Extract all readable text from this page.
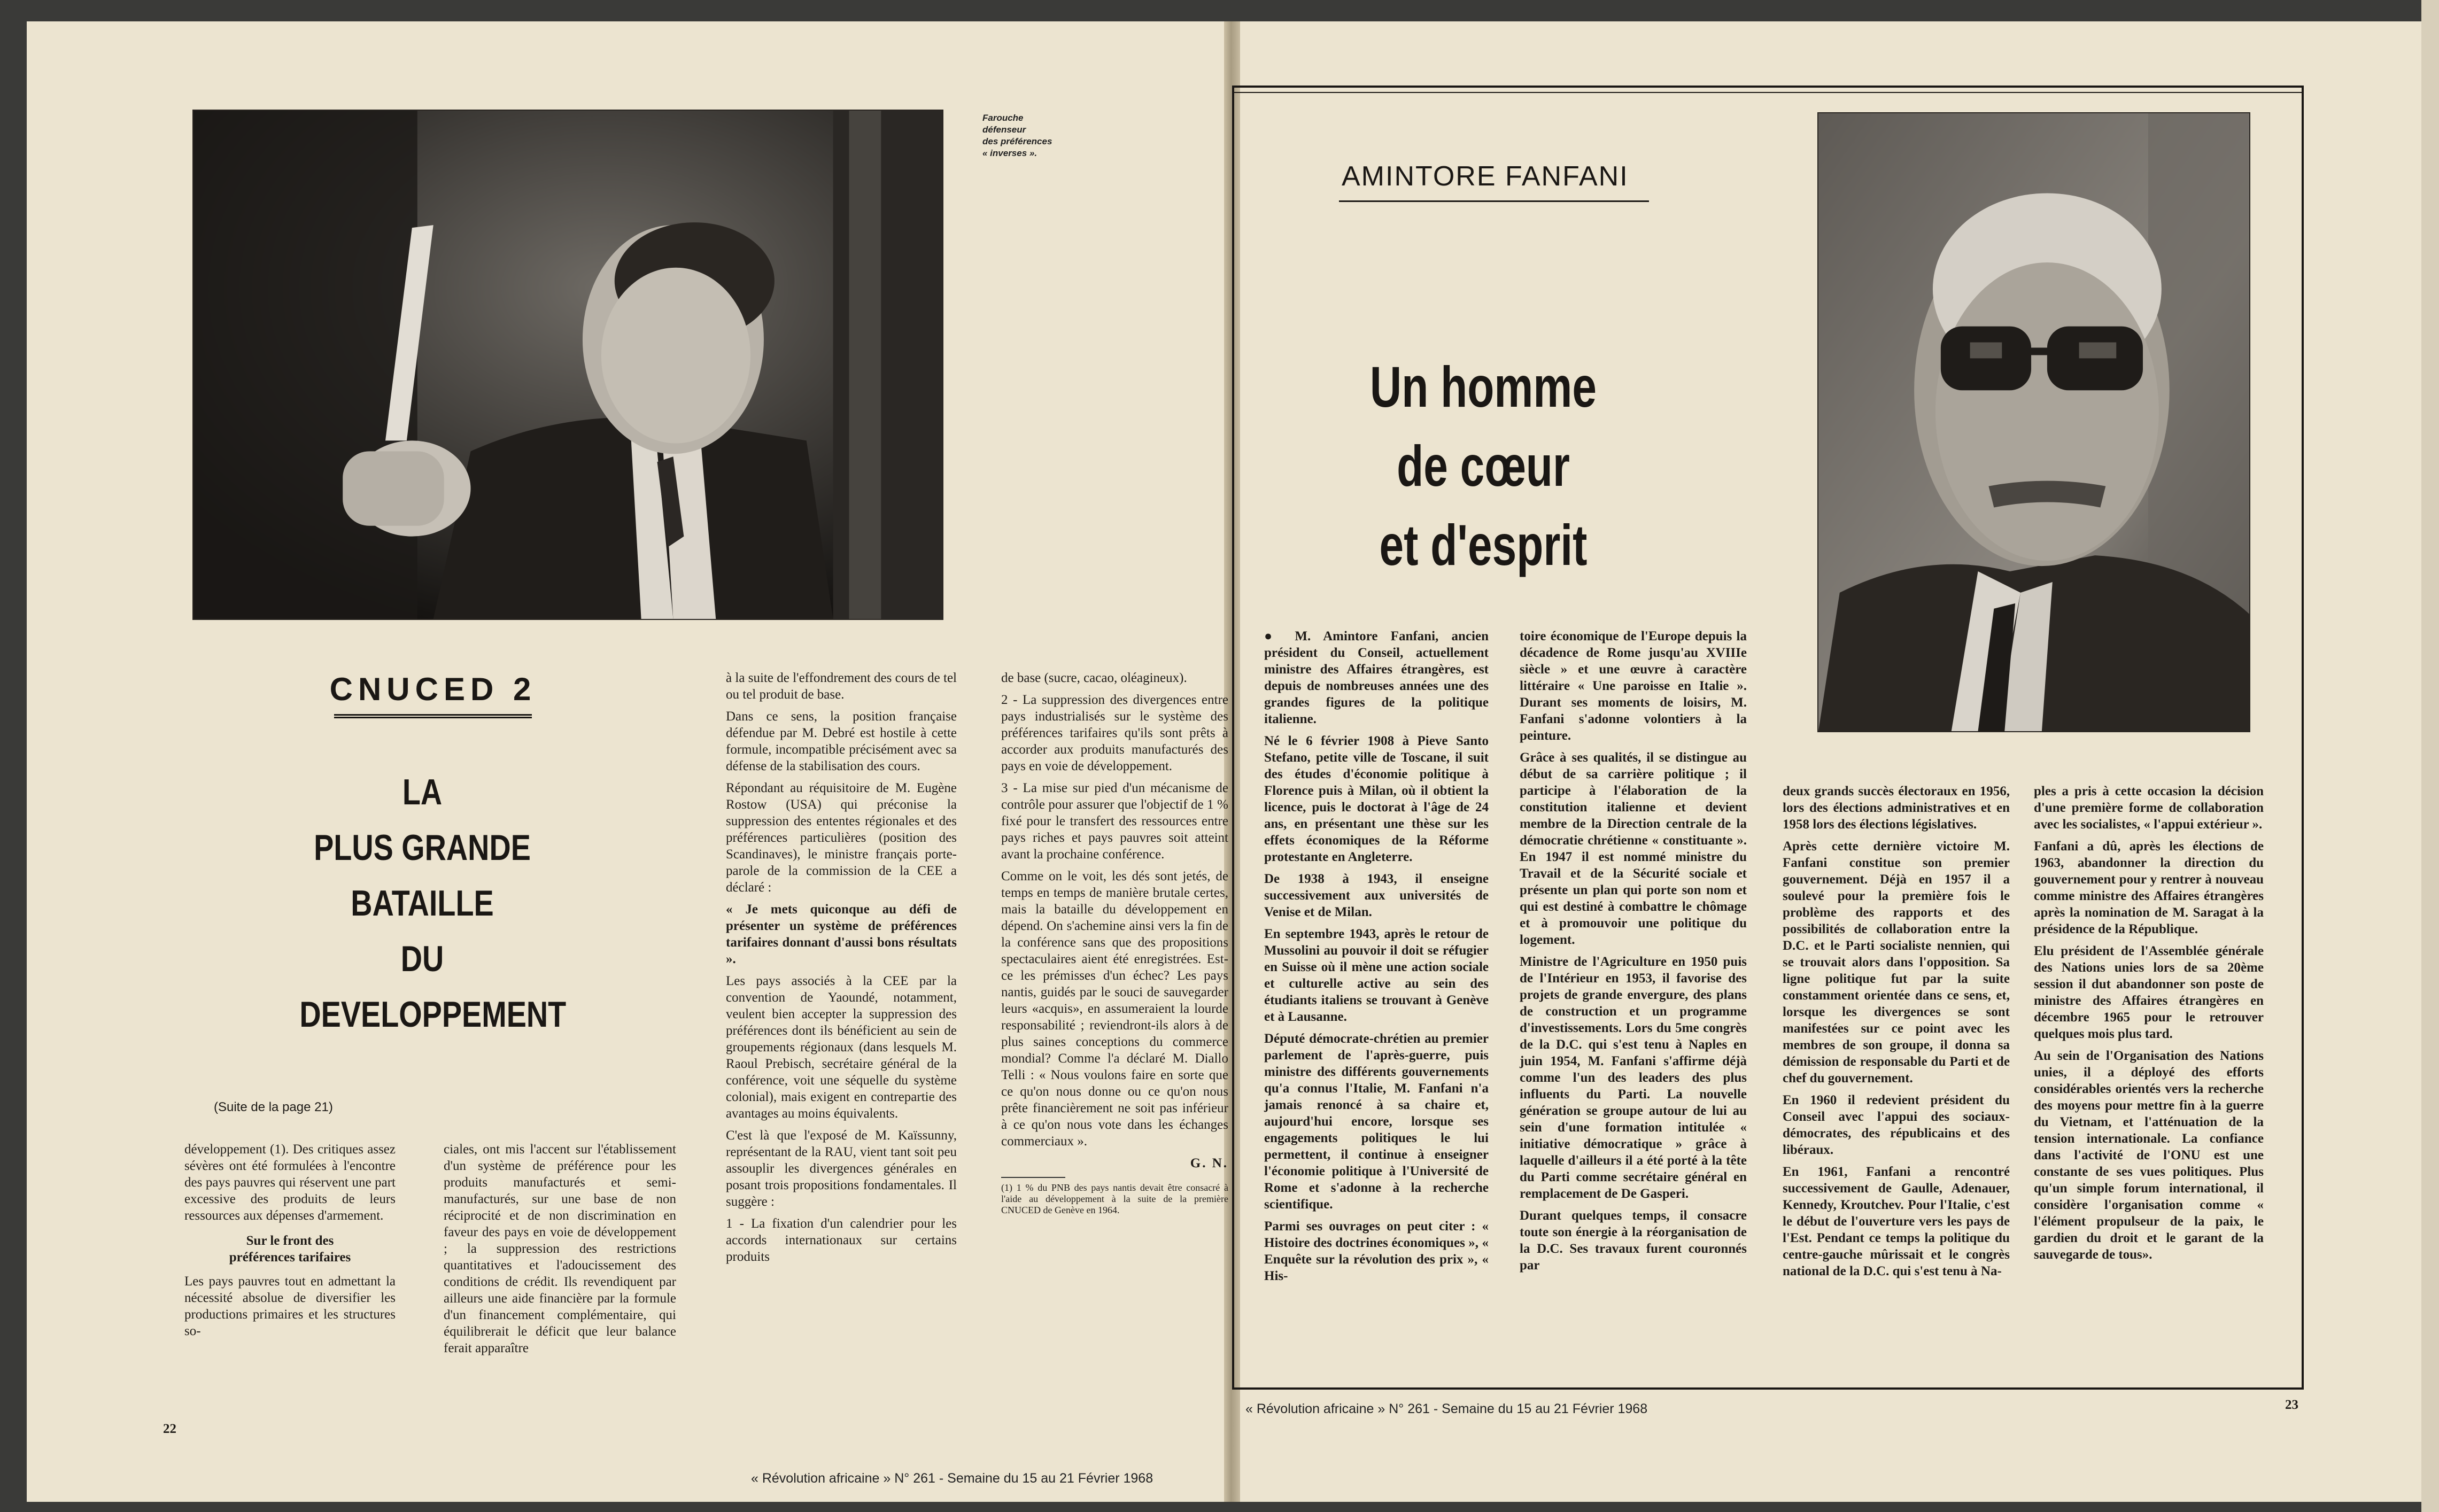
Farouche
défenseur
des préférences
« inverses ».
CNUCED 2
LA
PLUS GRANDE
BATAILLE
DU
DEVELOPPEMENT
(Suite de la page 21)

développement (1). Des critiques assez sévères ont été formulées à l'encontre des pays pauvres qui réservent une part excessive des produits de leurs ressources aux dépenses d'armement.

Sur le front des
préférences tarifaires

Les pays pauvres tout en admettant la nécessité absolue de diversifier les productions primaires et les structures so-

ciales, ont mis l'accent sur l'établissement d'un système de préférence pour les produits manufacturés et semi-manufacturés, sur une base de non réciprocité et de non discrimination en faveur des pays en voie de développement ; la suppression des restrictions quantitatives et l'adoucissement des conditions de crédit. Ils revendiquent par ailleurs une aide financière par la formule d'un financement complémentaire, qui équilibrerait le déficit que leur balance ferait apparaître

à la suite de l'effondrement des cours de tel ou tel produit de base.

Dans ce sens, la position française défendue par M. Debré est hostile à cette formule, incompatible précisément avec sa défense de la stabilisation des cours.

Répondant au réquisitoire de M. Eugène Rostow (USA) qui préconise la suppression des ententes régionales et des préférences particulières (position des Scandinaves), le ministre français porte-parole de la commission de la CEE a déclaré :

« Je mets quiconque au défi de présenter un système de préférences tarifaires donnant d'aussi bons résultats ».

Les pays associés à la CEE par la convention de Yaoundé, notamment, veulent bien accepter la suppression des préférences dont ils bénéficient au sein de groupements régionaux (dans lesquels M. Raoul Prebisch, secrétaire général de la conférence, voit une séquelle du système colonial), mais exigent en contrepartie des avantages au moins équivalents.

C'est là que l'exposé de M. Kaïssunny, représentant de la RAU, vient tant soit peu assouplir les divergences générales en posant trois propositions fondamentales. Il suggère :

1 - La fixation d'un calendrier pour les accords internationaux sur certains produits

de base (sucre, cacao, oléagineux).

2 - La suppression des divergences entre pays industrialisés sur le système des préférences tarifaires qu'ils sont prêts à accorder aux produits manufacturés des pays en voie de développement.

3 - La mise sur pied d'un mécanisme de contrôle pour assurer que l'objectif de 1 % fixé pour le transfert des ressources entre pays riches et pays pauvres soit atteint avant la prochaine conférence.

Comme on le voit, les dés sont jetés, de temps en temps de manière brutale certes, mais la bataille du développement en dépend. On s'achemine ainsi vers la fin de la conférence sans que des propositions spectaculaires aient été enregistrées. Est-ce les prémisses d'un échec? Les pays nantis, guidés par le souci de sauvegarder leurs «acquis», en assumeraient la lourde responsabilité ; reviendront-ils alors à de plus saines conceptions du commerce mondial? Comme l'a déclaré M. Diallo Telli : « Nous voulons faire en sorte que ce qu'on nous donne ou ce qu'on nous prête financièrement ne soit pas inférieur à ce qu'on nous vote dans les échanges commerciaux ».

G. N.

(1) 1 % du PNB des pays nantis devait être consacré à l'aide au développement à la suite de la première CNUCED de Genève en 1964.

22
« Révolution africaine » N° 261 - Semaine du 15 au 21 Février 1968
AMINTORE FANFANI
Un homme
de cœur
et d'esprit

● M. Amintore Fanfani, ancien président du Conseil, actuellement ministre des Affaires étrangères, est depuis de nombreuses années une des grandes figures de la politique italienne.

Né le 6 février 1908 à Pieve Santo Stefano, petite ville de Toscane, il suit des études d'économie politique à Florence puis à Milan, où il obtient la licence, puis le doctorat à l'âge de 24 ans, en présentant une thèse sur les effets économiques de la Réforme protestante en Angleterre.

De 1938 à 1943, il enseigne successivement aux universités de Venise et de Milan.

En septembre 1943, après le retour de Mussolini au pouvoir il doit se réfugier en Suisse où il mène une action sociale et culturelle active au sein des étudiants italiens se trouvant à Genève et à Lausanne.

Député démocrate-chrétien au premier parlement de l'après-guerre, puis ministre des différents gouvernements qu'a connus l'Italie, M. Fanfani n'a jamais renoncé à sa chaire et, aujourd'hui encore, lorsque ses engagements politiques le lui permettent, il continue à enseigner l'économie politique à l'Université de Rome et s'adonne à la recherche scientifique.

Parmi ses ouvrages on peut citer : « Histoire des doctrines économiques », « Enquête sur la révolution des prix », « His-

toire économique de l'Europe depuis la décadence de Rome jusqu'au XVIIIe siècle » et une œuvre à caractère littéraire « Une paroisse en Italie ». Durant ses moments de loisirs, M. Fanfani s'adonne volontiers à la peinture.

Grâce à ses qualités, il se distingue au début de sa carrière politique ; il participe à l'élaboration de la constitution italienne et devient membre de la Direction centrale de la démocratie chrétienne « constituante ». En 1947 il est nommé ministre du Travail et de la Sécurité sociale et présente un plan qui porte son nom et qui est destiné à combattre le chômage et à promouvoir une politique du logement.

Ministre de l'Agriculture en 1950 puis de l'Intérieur en 1953, il favorise des projets de grande envergure, des plans de construction et un programme d'investissements. Lors du 5me congrès de la D.C. qui s'est tenu à Naples en juin 1954, M. Fanfani s'affirme déjà comme l'un des leaders des plus influents du Parti. La nouvelle génération se groupe autour de lui au sein d'une formation intitulée « initiative démocratique » grâce à laquelle d'ailleurs il a été porté à la tête du Parti comme secrétaire général en remplacement de De Gasperi.

Durant quelques temps, il consacre toute son énergie à la réorganisation de la D.C. Ses travaux furent couronnés par

deux grands succès électoraux en 1956, lors des élections administratives et en 1958 lors des élections législatives.

Après cette dernière victoire M. Fanfani constitue son premier gouvernement. Déjà en 1957 il a soulevé pour la première fois le problème des rapports et des possibilités de collaboration entre la D.C. et le Parti socialiste nennien, qui se trouvait alors dans l'opposition. Sa ligne politique fut par la suite constamment orientée dans ce sens, et, lorsque les divergences se sont manifestées sur ce point avec les membres de son groupe, il donna sa démission de responsable du Parti et de chef du gouvernement.

En 1960 il redevient président du Conseil avec l'appui des sociaux-démocrates, des républicains et des libéraux.

En 1961, Fanfani a rencontré successivement de Gaulle, Adenauer, Kennedy, Kroutchev. Pour l'Italie, c'est le début de l'ouverture vers les pays de l'Est. Pendant ce temps la politique du centre-gauche mûrissait et le congrès national de la D.C. qui s'est tenu à Na-

ples a pris à cette occasion la décision d'une première forme de collaboration avec les socialistes, « l'appui extérieur ».

Fanfani a dû, après les élections de 1963, abandonner la direction du gouvernement pour y rentrer à nouveau comme ministre des Affaires étrangères après la nomination de M. Saragat à la présidence de la République.

Elu président de l'Assemblée générale des Nations unies lors de sa 20ème session il dut abandonner son poste de ministre des Affaires étrangères en décembre 1965 pour le retrouver quelques mois plus tard.

Au sein de l'Organisation des Nations unies, il a déployé des efforts considérables orientés vers la recherche des moyens pour mettre fin à la guerre du Vietnam, et l'atténuation de la tension internationale. La confiance dans l'activité de l'ONU est une constante de ses vues politiques. Plus qu'un simple forum international, il considère l'organisation comme « l'élément propulseur de la paix, le gardien du droit et le garant de la sauvegarde de tous».

« Révolution africaine » N° 261 - Semaine du 15 au 21 Février 1968	23
